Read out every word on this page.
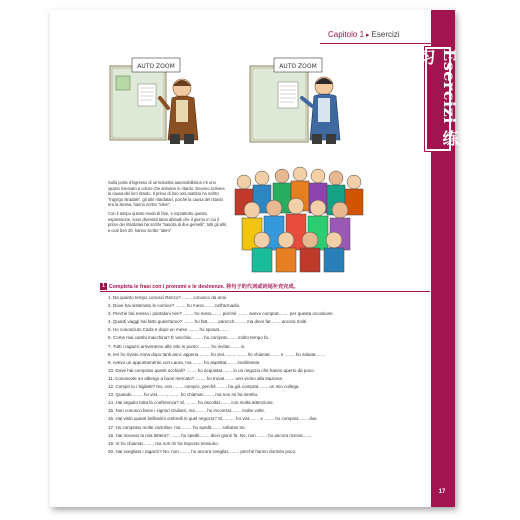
Capitolo 1 ▸ Esercizi
AUTO ZOOM	AUTO ZOOM

Sulla porta d'ingresso di un'industria automobilistica c'è uno spazio riservato a coloro che arrivano in ritardo. Devono scrivere la causa del loro ritardo. Il primo di loro una mattina ha scritto "ingorgo stradale", gli altri ritardatari, poiché la causa del ritardo era la stessa, hanno scritto "idem".

Con il tempo questo modo di fare, e soprattutto questa espressione, sono diventati tanto abituali che il giorno in cui il primo dei ritardatari ha scritto "nascita di due gemelli", tutti gli altri, e cioè ben 20, hanno scritto "idem".

1 Completa le frasi con i pronomi e le desinenze. 将句子的代词或词尾补充完成。
1. Da quanto tempo conosci Renzo? ........ conosco da anni.
2. Dove hai sistemato le cornice? ........ ho mess........ nell'armadio.
3. Perché hai messo i pantaloni neri? ........ ho mess........ perché ........ avevo comprat........ per questa occasione.
4. Quanti viaggi hai fatto quest'anno? ........ ho fatt........ parecch........, ma devo far........ ancora molti.
5. Ho conosciuto Carla e dopo un mese ........ ho sposat........
6. Come mai cambi macchina? È vecchia; ........ ho comprat........ molto tempo fa.
7. Tutti i ragazzi arriveranno alle otto in punto; ........ ho invitat........ io.
8. Ieri ho rivisto Anna dopo tanti anni: appena ........ ho vist........, ........ ho chiamat........ e ........ ho salutat........
9. Avevo un appuntamento con Laura, ma ........ ho aspettat........ inutilmente.
10. Dove hai comprato questi occhiali? ........ ho acquistat........ in un negozio che hanno aperto da poco.
11. Conoscete un albergo a buon mercato? ........ ho trovat........ uno vicino alla stazione.
12. Compri tu i biglietti? No, non ........ compro, perché ........ ha già comprat........ un mio collega.
13. Quando ........ ho vist........, ........ ho chiamat........, ma non mi ha sentito.
14. Hai seguito tutta la conferenza? Sì, ........ ho ascoltat........ con molta attenzione.
15. Non conosco bene i signori Giuliani, ma ........ ho incontrat........ molte volte.
16. Hai visto quanti bellissimi ombrelli in quel negozio? Sì, ........ ho vist........ e ........ ho comprat........ due.
17. Ho comprato molte cartoline, ma ........ ho spedit........ soltanto tre.
18. Hai ricevuto la mia lettera? ........ ho spedit........ dieci giorni fa. No, non ........ ho ancora ricevut........
19. Vi ho chiamat........, ma non mi ha risposto nessuno.
20. Hai svegliato i ragazzi? No, non ........ ho ancora svegliat........, perché hanno dormito poco.
17
Esercizi 练习
